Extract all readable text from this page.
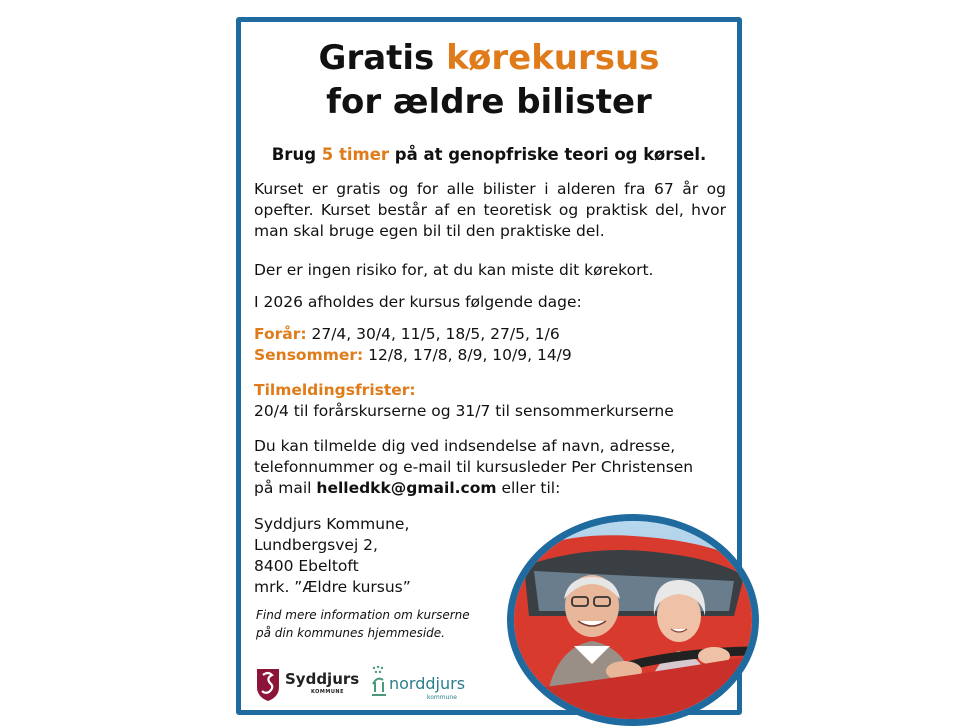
Gratis kørekursus
for ældre bilister
Brug 5 timer på at genopfriske teori og kørsel.
Kurset er gratis og for alle bilister i alderen fra 67 år og opefter. Kurset består af en teoretisk og praktisk del, hvor man skal bruge egen bil til den praktiske del.
Der er ingen risiko for, at du kan miste dit kørekort.
I 2026 afholdes der kursus følgende dage:
Forår: 27/4, 30/4, 11/5, 18/5, 27/5, 1/6
Sensommer: 12/8, 17/8, 8/9, 10/9, 14/9
Tilmeldingsfrister:
20/4 til forårskurserne og 31/7 til sensommerkurserne
Du kan tilmelde dig ved indsendelse af navn, adresse,
telefonnummer og e-mail til kursusleder Per Christensen
på mail helledkk@gmail.com eller til:
Syddjurs Kommune,
Lundbergsvej 2,
8400 Ebeltoft
mrk. ”Ældre kursus”
Find mere information om kurserne
på din kommunes hjemmeside.
Syddjurs
KOMMUNE	norddjurs
kommune
